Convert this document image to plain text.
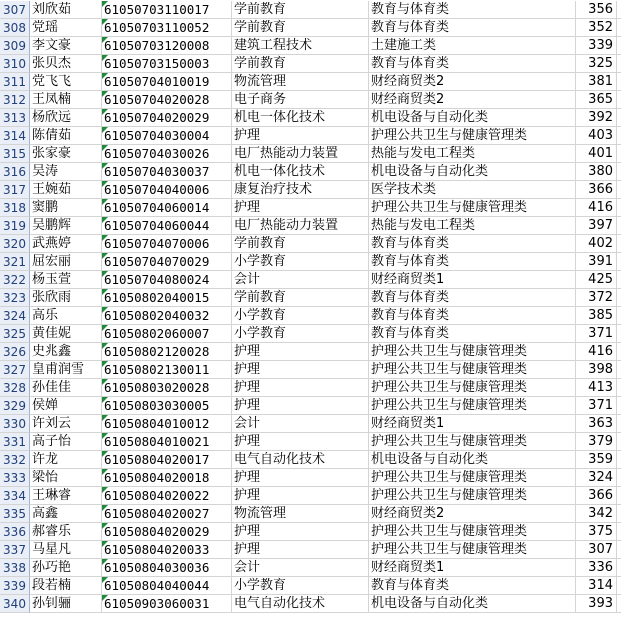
307 刘欣茹	61050703110017	学前教育	教育与体育类	356
308 党瑶	61050703110052	学前教育	教育与体育类	352
309 李文豪	61050703120008	建筑工程技术	土建施工类	339
310 张贝杰	61050703150003	学前教育	教育与体育类	325
311 党飞飞	61050704010019	物流管理	财经商贸类2	381
312 王凤楠	61050704020028	电子商务	财经商贸类2	365
313 杨欣远	61050704020029	机电一体化技术	机电设备与自动化类	392
314 陈倩茹	61050704030004	护理	护理公共卫生与健康管理类	403
315 张家豪	61050704030026	电厂热能动力装置	热能与发电工程类	401
316 吴涛	61050704030037	机电一体化技术	机电设备与自动化类	380
317 王婉茹	61050704040006	康复治疗技术	医学技术类	366
318 窦鹏	61050704060014	护理	护理公共卫生与健康管理类	416
319 吴鹏辉	61050704060044	电厂热能动力装置	热能与发电工程类	397
320 武燕婷	61050704070006	学前教育	教育与体育类	402
321 屈宏丽	61050704070029	小学教育	教育与体育类	391
322 杨玉萱	61050704080024	会计	财经商贸类1	425
323 张欣雨	61050802040015	学前教育	教育与体育类	372
324 高乐	61050802040032	小学教育	教育与体育类	385
325 黄佳妮	61050802060007	小学教育	教育与体育类	371
326 史兆鑫	61050802120028	护理	护理公共卫生与健康管理类	416
327 皇甫润雪	61050802130011	护理	护理公共卫生与健康管理类	398
328 孙佳佳	61050803020028	护理	护理公共卫生与健康管理类	413
329 侯婵	61050803030005	护理	护理公共卫生与健康管理类	371
330 许刘云	61050804010012	会计	财经商贸类1	363
331 高子怡	61050804010021	护理	护理公共卫生与健康管理类	379
332 许龙	61050804020017	电气自动化技术	机电设备与自动化类	359
333 梁怡	61050804020018	护理	护理公共卫生与健康管理类	324
334 王琳睿	61050804020022	护理	护理公共卫生与健康管理类	366
335 高鑫	61050804020027	物流管理	财经商贸类2	342
336 郝睿乐	61050804020029	护理	护理公共卫生与健康管理类	375
337 马星凡	61050804020033	护理	护理公共卫生与健康管理类	307
338 孙巧艳	61050804030036	会计	财经商贸类1	336
339 段若楠	61050804040044	小学教育	教育与体育类	314
340 孙钊骊	61050903060031	电气自动化技术	机电设备与自动化类	393
